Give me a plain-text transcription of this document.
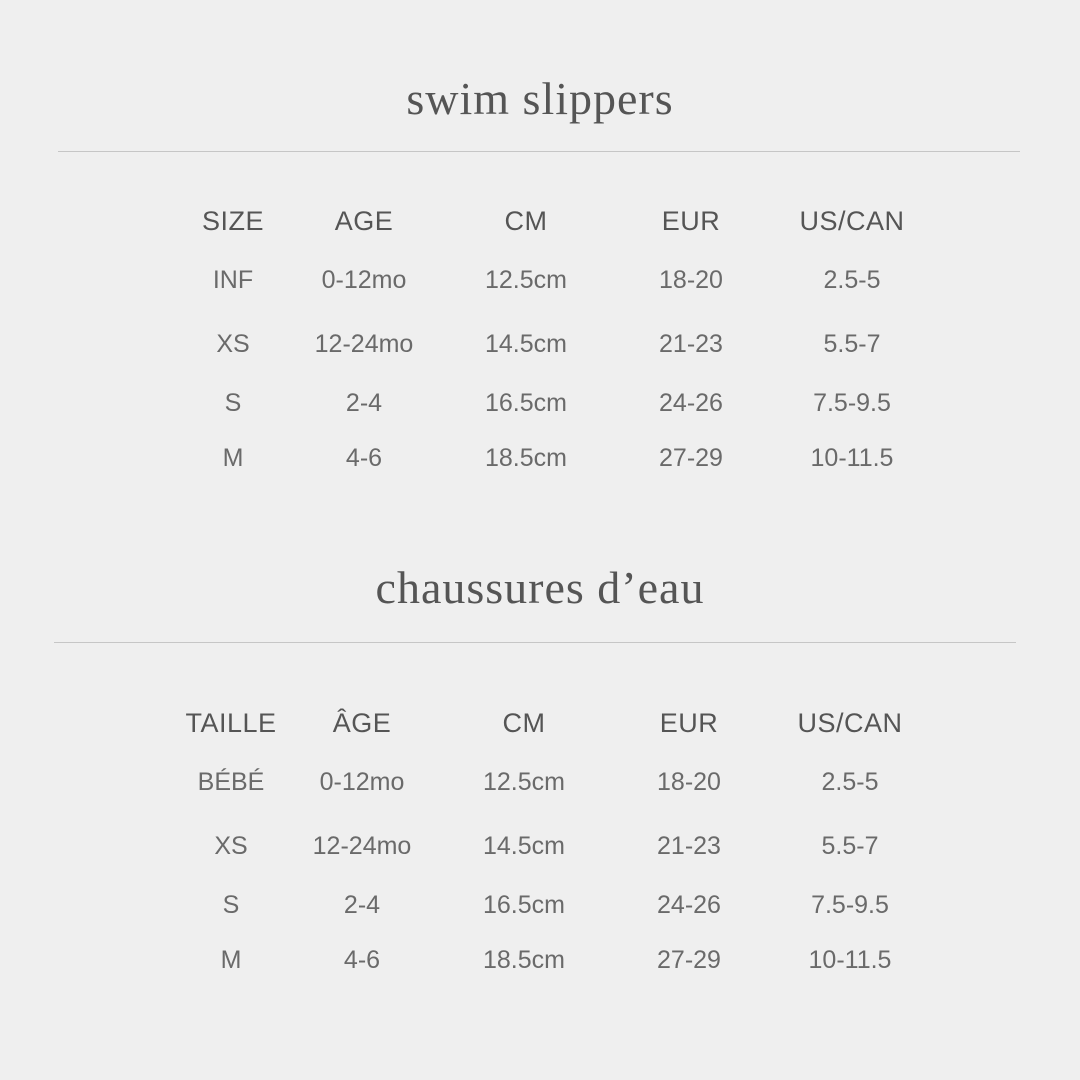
swim slippers
SIZE	AGE	CM	EUR	US/CAN
INF	0-12mo	12.5cm	18-20	2.5-5
XS	12-24mo	14.5cm	21-23	5.5-7
S	2-4	16.5cm	24-26	7.5-9.5
M	4-6	18.5cm	27-29	10-11.5
chaussures d’eau
TAILLE	ÂGE	CM	EUR	US/CAN
BÉBÉ	0-12mo	12.5cm	18-20	2.5-5
XS	12-24mo	14.5cm	21-23	5.5-7
S	2-4	16.5cm	24-26	7.5-9.5
M	4-6	18.5cm	27-29	10-11.5
